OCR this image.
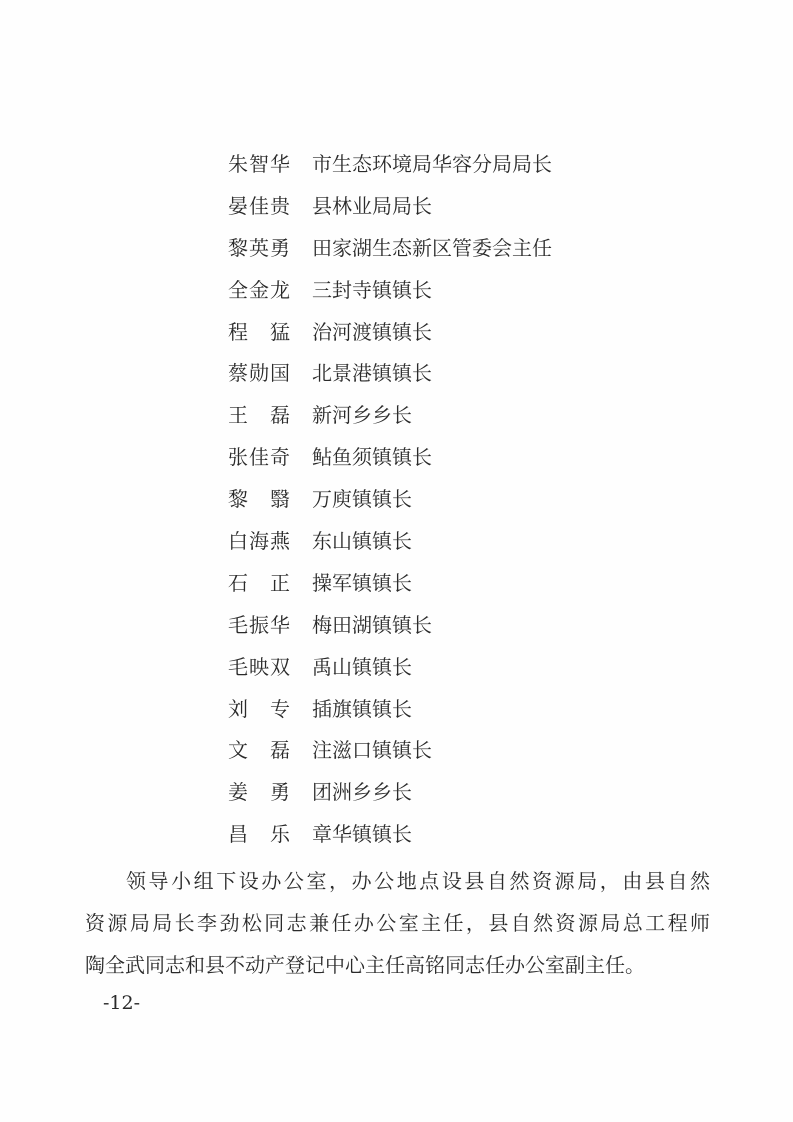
朱智华 市生态环境局华容分局局长
晏佳贵 县林业局局长
黎英勇 田家湖生态新区管委会主任
全金龙 三封寺镇镇长
程猛 治河渡镇镇长
蔡勋国 北景港镇镇长
王磊 新河乡乡长
张佳奇 鲇鱼须镇镇长
黎翳 万庾镇镇长
白海燕 东山镇镇长
石正 操军镇镇长
毛振华 梅田湖镇镇长
毛映双 禹山镇镇长
刘专 插旗镇镇长
文磊 注滋口镇镇长
姜勇 团洲乡乡长
昌乐 章华镇镇长
领导小组下设办公室，办公地点设县自然资源局，由县自然
资源局局长李劲松同志兼任办公室主任，县自然资源局总工程师
陶全武同志和县不动产登记中心主任高铭同志任办公室副主任。
-12-
